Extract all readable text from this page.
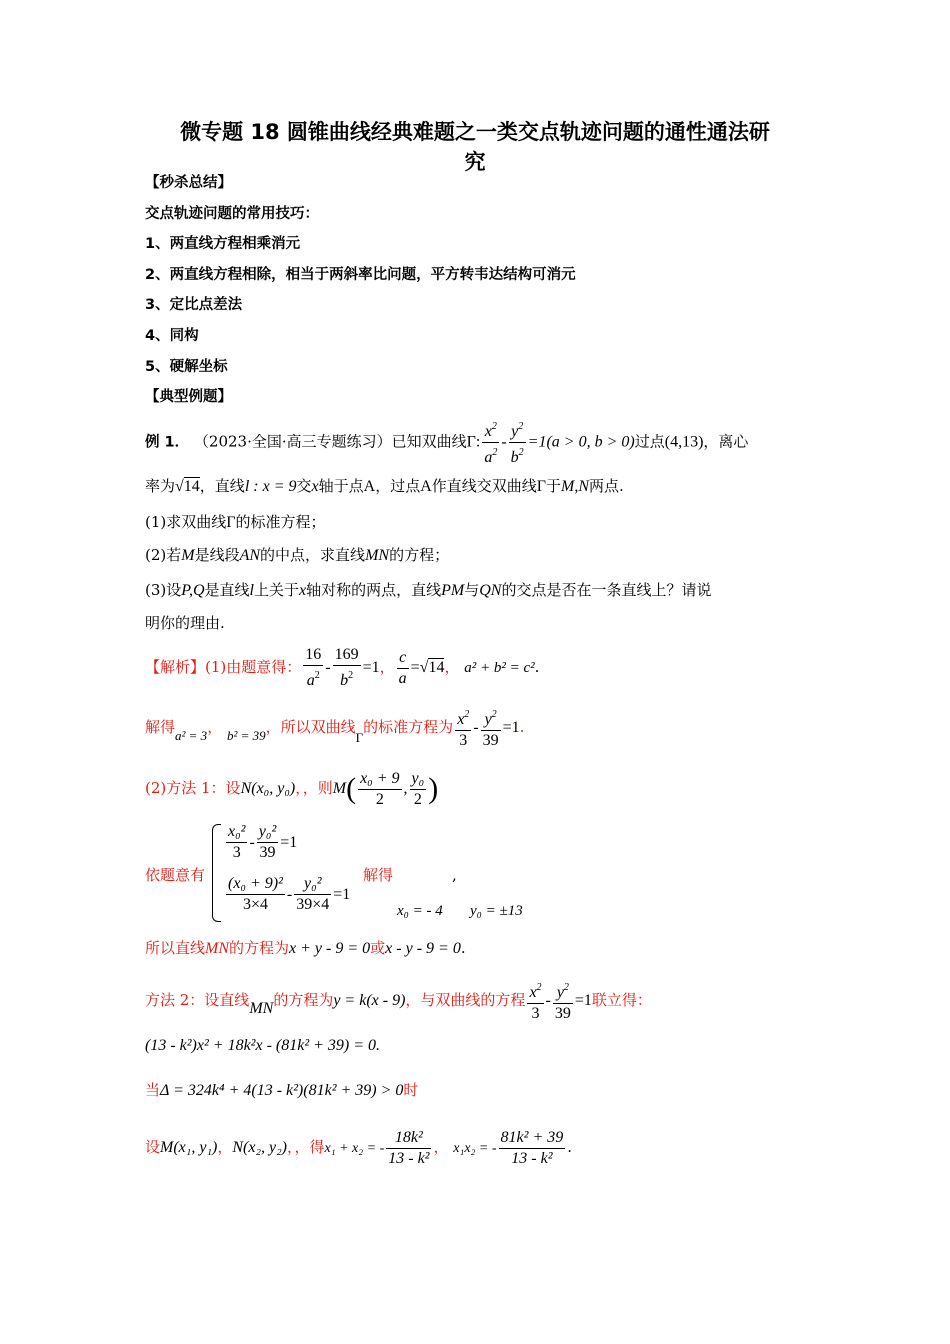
微专题 18 圆锥曲线经典难题之一类交点轨迹问题的通性通法研
究
【秒杀总结】
交点轨迹问题的常用技巧：
1、两直线方程相乘消元
2、两直线方程相除，相当于两斜率比问题，平方转韦达结构可消元
3、定比点差法
4、同构
5、硬解坐标
【典型例题】
例 1． （2023·全国·高三专题练习）已知双曲线Γ: $\frac{x^2}{a^2} - \frac{y^2}{b^2} =1(a > 0$, b > 0)过点(4,13)，离心
率为√14，直线l : x = 9交x轴于点A，过点A作直线交双曲线Γ于M,N两点.
(1)求双曲线Γ的标准方程；
(2)若M是线段AN的中点，求直线MN的方程；
(3)设P,Q是直线l上关于x轴对称的两点，直线PM与QN的交点是否在一条直线上？请说
明你的理由.
【解析】(1)由题意得： $\frac{16}{a^2} - \frac{169}{b^2} =1$， $\frac{c}{a} =√14$， a² + b² = c².
解得a² = 3， b² = 39，所以双曲线Γ的标准方程为 $\frac{x^2}{3} - \frac{y^2}{39} =1$.
(2)方法 1：设N(x₀, y₀)，，则$M( \frac{\text{x₀ + 9}}{2}$ , $\frac{\text{y₀}}{2}$ )
依题意有
$\frac{\text{x₀²}}{3} - \frac{\text{y₀²}}{39} =1$
$\frac{\text{(x₀ + 9)²}}{3\times 4} - \frac{\text{y₀²}}{39\times 4} =1$
解得	,
x₀ = - 4 y₀ = ±13
所以直线MN的方程为x + y - 9 = 0或x - y - 9 = 0.
方法 2：设直线MN的方程为y = k(x - 9)，与双曲线的方程 $\frac{x^2}{3} - \frac{y^2}{39} =1$联立得：
(13 - k²)x² + 18k²x - (81k² + 39) = 0.
当Δ = 324k⁴ + 4(13 - k²)(81k² + 39) > 0时
设M(x₁, y₁)，N(x₂, y₂)，，得x₁ + x₂ = - $\frac{\text{18k²}}{\text{13 - k²}}$ ， x₁x₂ = - $\frac{\text{81k² + 39}}{\text{13 - k²}}$ .
